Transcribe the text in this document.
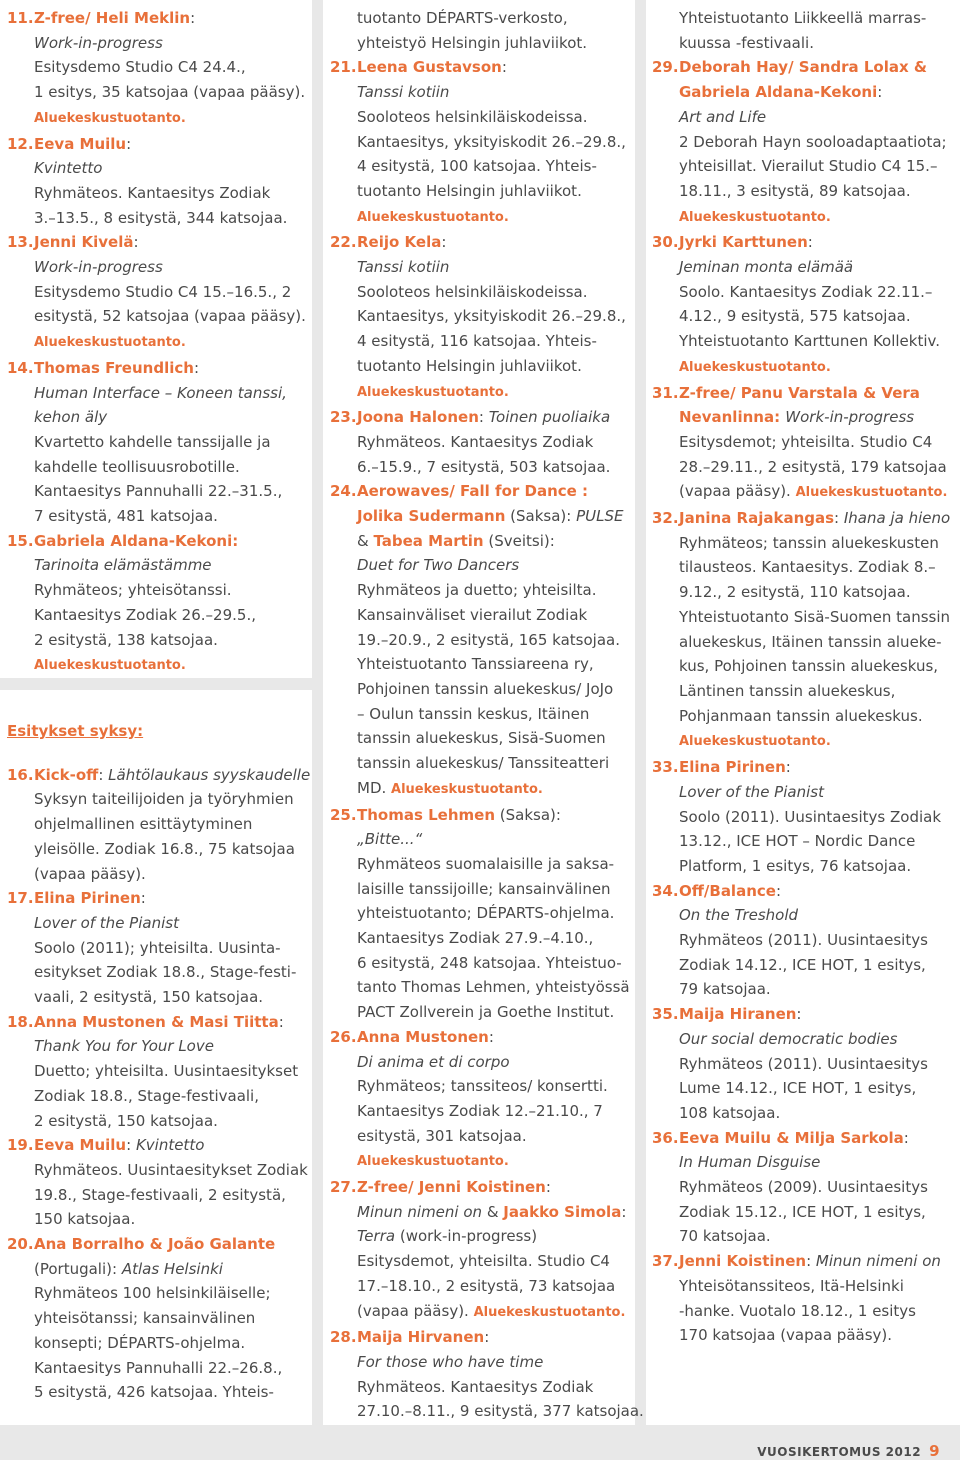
11. Z-free/ Heli Meklin:
Work-in-progress
Esitysdemo Studio C4 24.4.,
1 esitys, 35 katsojaa (vapaa pääsy).
Aluekeskustuotanto.
12. Eeva Muilu:
Kvintetto
Ryhmäteos. Kantaesitys Zodiak
3.–13.5., 8 esitystä, 344 katsojaa.
13. Jenni Kivelä:
Work-in-progress
Esitysdemo Studio C4 15.–16.5., 2
esitystä, 52 katsojaa (vapaa pääsy).
Aluekeskustuotanto.
14. Thomas Freundlich:
Human Interface – Koneen tanssi,
kehon äly
Kvartetto kahdelle tanssijalle ja
kahdelle teollisuusrobotille.
Kantaesitys Pannuhalli 22.–31.5.,
7 esitystä, 481 katsojaa.
15. Gabriela Aldana-Kekoni:
Tarinoita elämästämme
Ryhmäteos; yhteisötanssi.
Kantaesitys Zodiak 26.–29.5.,
2 esitystä, 138 katsojaa.
Aluekeskustuotanto.
Esitykset syksy:
16. Kick-off: Lähtölaukaus syyskaudelle
Syksyn taiteilijoiden ja työryhmien
ohjelmallinen esittäytyminen
yleisölle. Zodiak 16.8., 75 katsojaa
(vapaa pääsy).
17. Elina Pirinen:
Lover of the Pianist
Soolo (2011); yhteisilta. Uusinta-
esitykset Zodiak 18.8., Stage-festi-
vaali, 2 esitystä, 150 katsojaa.
18. Anna Mustonen & Masi Tiitta:
Thank You for Your Love
Duetto; yhteisilta. Uusintaesitykset
Zodiak 18.8., Stage-festivaali,
2 esitystä, 150 katsojaa.
19. Eeva Muilu: Kvintetto
Ryhmäteos. Uusintaesitykset Zodiak
19.8., Stage-festivaali, 2 esitystä,
150 katsojaa.
20. Ana Borralho & João Galante
(Portugali): Atlas Helsinki
Ryhmäteos 100 helsinkiläiselle;
yhteisötanssi; kansainvälinen
konsepti; DÉPARTS-ohjelma.
Kantaesitys Pannuhalli 22.–26.8.,
5 esitystä, 426 katsojaa. Yhteis-
tuotanto DÉPARTS-verkosto,
yhteistyö Helsingin juhlaviikot.
21. Leena Gustavson:
Tanssi kotiin
Sooloteos helsinkiläiskodeissa.
Kantaesitys, yksityiskodit 26.–29.8.,
4 esitystä, 100 katsojaa. Yhteis-
tuotanto Helsingin juhlaviikot.
Aluekeskustuotanto.
22. Reijo Kela:
Tanssi kotiin
Sooloteos helsinkiläiskodeissa.
Kantaesitys, yksityiskodit 26.–29.8.,
4 esitystä, 116 katsojaa. Yhteis-
tuotanto Helsingin juhlaviikot.
Aluekeskustuotanto.
23. Joona Halonen: Toinen puoliaika
Ryhmäteos. Kantaesitys Zodiak
6.–15.9., 7 esitystä, 503 katsojaa.
24. Aerowaves/ Fall for Dance :
Jolika Sudermann (Saksa): PULSE
& Tabea Martin (Sveitsi):
Duet for Two Dancers
Ryhmäteos ja duetto; yhteisilta.
Kansainväliset vierailut Zodiak
19.–20.9., 2 esitystä, 165 katsojaa.
Yhteistuotanto Tanssiareena ry,
Pohjoinen tanssin aluekeskus/ JoJo
– Oulun tanssin keskus, Itäinen
tanssin aluekeskus, Sisä-Suomen
tanssin aluekeskus/ Tanssiteatteri
MD. Aluekeskustuotanto.
25. Thomas Lehmen (Saksa):
„Bitte...“
Ryhmäteos suomalaisille ja saksa-
laisille tanssijoille; kansainvälinen
yhteistuotanto; DÉPARTS-ohjelma.
Kantaesitys Zodiak 27.9.–4.10.,
6 esitystä, 248 katsojaa. Yhteistuo-
tanto Thomas Lehmen, yhteistyössä
PACT Zollverein ja Goethe Institut.
26. Anna Mustonen:
Di anima et di corpo
Ryhmäteos; tanssiteos/ konsertti.
Kantaesitys Zodiak 12.–21.10., 7
esitystä, 301 katsojaa.
Aluekeskustuotanto.
27. Z-free/ Jenni Koistinen:
Minun nimeni on & Jaakko Simola:
Terra (work-in-progress)
Esitysdemot, yhteisilta. Studio C4
17.–18.10., 2 esitystä, 73 katsojaa
(vapaa pääsy). Aluekeskustuotanto.
28. Maija Hirvanen:
For those who have time
Ryhmäteos. Kantaesitys Zodiak
27.10.–8.11., 9 esitystä, 377 katsojaa.
Yhteistuotanto Liikkeellä marras-
kuussa -festivaali.
29. Deborah Hay/ Sandra Lolax &
Gabriela Aldana-Kekoni:
Art and Life
2 Deborah Hayn sooloadaptaatiota;
yhteisillat. Vierailut Studio C4 15.–
18.11., 3 esitystä, 89 katsojaa.
Aluekeskustuotanto.
30. Jyrki Karttunen:
Jeminan monta elämää
Soolo. Kantaesitys Zodiak 22.11.–
4.12., 9 esitystä, 575 katsojaa.
Yhteistuotanto Karttunen Kollektiv.
Aluekeskustuotanto.
31. Z-free/ Panu Varstala & Vera
Nevanlinna: Work-in-progress
Esitysdemot; yhteisilta. Studio C4
28.–29.11., 2 esitystä, 179 katsojaa
(vapaa pääsy). Aluekeskustuotanto.
32. Janina Rajakangas: Ihana ja hieno
Ryhmäteos; tanssin aluekeskusten
tilausteos. Kantaesitys. Zodiak 8.–
9.12., 2 esitystä, 110 katsojaa.
Yhteistuotanto Sisä-Suomen tanssin
aluekeskus, Itäinen tanssin alueke-
kus, Pohjoinen tanssin aluekeskus,
Läntinen tanssin aluekeskus,
Pohjanmaan tanssin aluekeskus.
Aluekeskustuotanto.
33. Elina Pirinen:
Lover of the Pianist
Soolo (2011). Uusintaesitys Zodiak
13.12., ICE HOT – Nordic Dance
Platform, 1 esitys, 76 katsojaa.
34. Off/Balance:
On the Treshold
Ryhmäteos (2011). Uusintaesitys
Zodiak 14.12., ICE HOT, 1 esitys,
79 katsojaa.
35. Maija Hiranen:
Our social democratic bodies
Ryhmäteos (2011). Uusintaesitys
Lume 14.12., ICE HOT, 1 esitys,
108 katsojaa.
36. Eeva Muilu & Milja Sarkola:
In Human Disguise
Ryhmäteos (2009). Uusintaesitys
Zodiak 15.12., ICE HOT, 1 esitys,
70 katsojaa.
37. Jenni Koistinen: Minun nimeni on
Yhteisötanssiteos, Itä-Helsinki
-hanke. Vuotalo 18.12., 1 esitys
170 katsojaa (vapaa pääsy).
VUOSIKERTOMUS 2012 9
